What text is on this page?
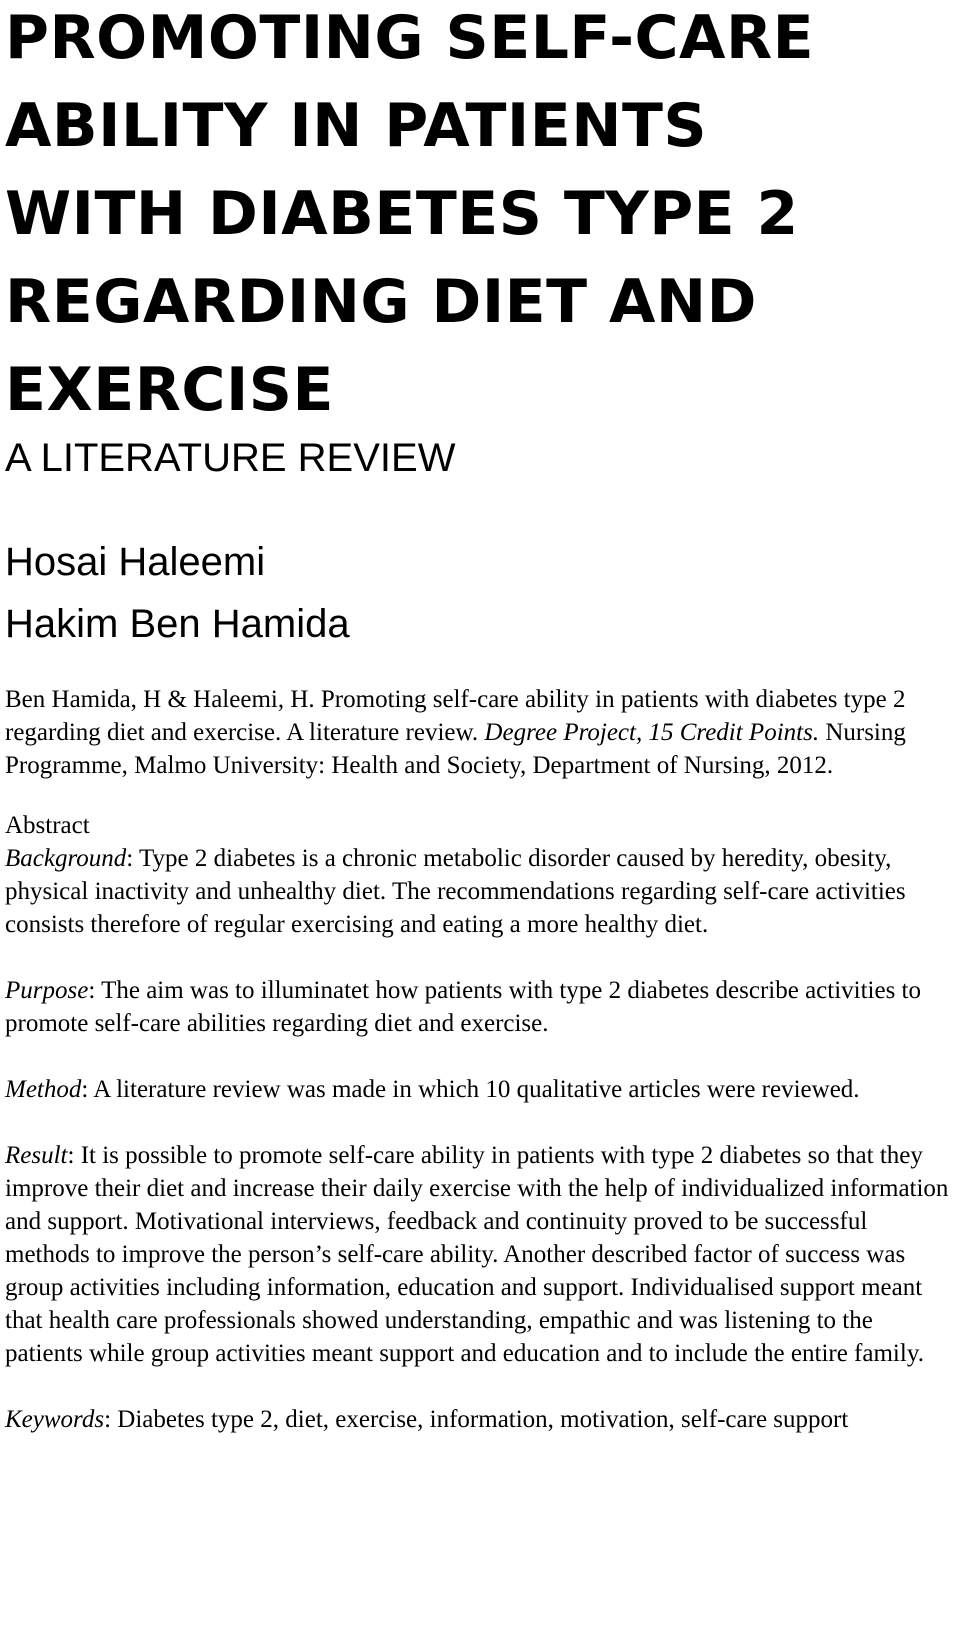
PROMOTING SELF-CARE
ABILITY IN PATIENTS
WITH DIABETES TYPE 2
REGARDING DIET AND
EXERCISE

A LITERATURE REVIEW

Hosai Haleemi
Hakim Ben Hamida

Ben Hamida, H & Haleemi, H. Promoting self-care ability in patients with diabetes type 2 regarding diet and exercise. A literature review. Degree Project, 15 Credit Points. Nursing Programme, Malmo University: Health and Society, Department of Nursing, 2012.

Abstract

Background: Type 2 diabetes is a chronic metabolic disorder caused by heredity, obesity, physical inactivity and unhealthy diet. The recommendations regarding self-care activities consists therefore of regular exercising and eating a more healthy diet.

Purpose: The aim was to illuminatet how patients with type 2 diabetes describe activities to promote self-care abilities regarding diet and exercise.

Method: A literature review was made in which 10 qualitative articles were reviewed.

Result: It is possible to promote self-care ability in patients with type 2 diabetes so that they improve their diet and increase their daily exercise with the help of individualized information and support. Motivational interviews, feedback and continuity proved to be successful methods to improve the person’s self-care ability. Another described factor of success was group activities including information, education and support. Individualised support meant that health care professionals showed understanding, empathic and was listening to the patients while group activities meant support and education and to include the entire family.

Keywords: Diabetes type 2, diet, exercise, information, motivation, self-care support
